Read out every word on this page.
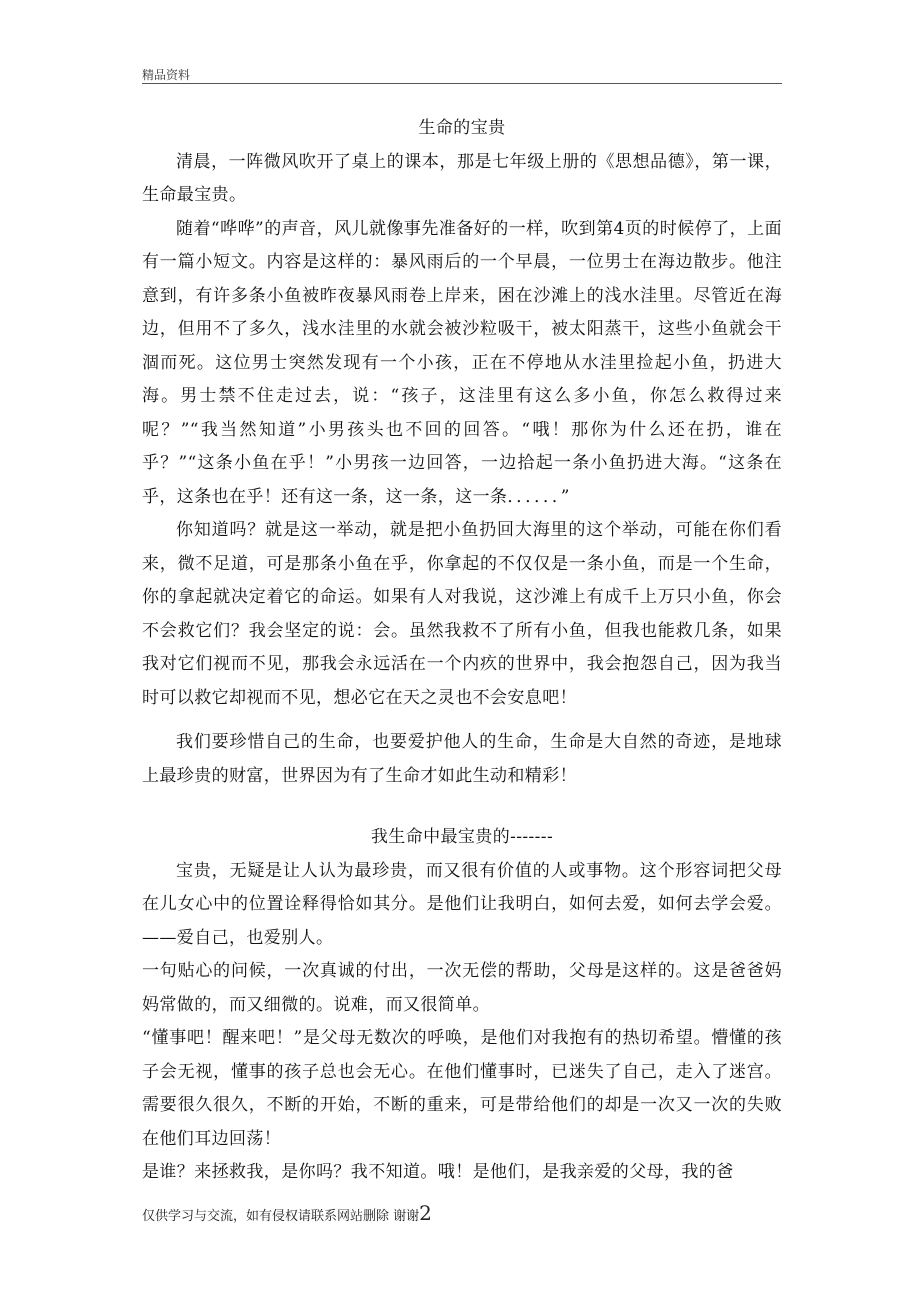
精品资料

生命的宝贵

清晨，一阵微风吹开了桌上的课本，那是七年级上册的《思想品德》，第一课，生命最宝贵。

随着“哗哗”的声音，风儿就像事先准备好的一样，吹到第4页的时候停了，上面有一篇小短文。内容是这样的：暴风雨后的一个早晨，一位男士在海边散步。他注意到，有许多条小鱼被昨夜暴风雨卷上岸来，困在沙滩上的浅水洼里。尽管近在海边，但用不了多久，浅水洼里的水就会被沙粒吸干，被太阳蒸干，这些小鱼就会干涸而死。这位男士突然发现有一个小孩，正在不停地从水洼里捡起小鱼，扔进大海。男士禁不住走过去，说：“孩子，这洼里有这么多小鱼，你怎么救得过来呢？”“我当然知道”小男孩头也不回的回答。“哦！那你为什么还在扔，谁在乎？”“这条小鱼在乎！”小男孩一边回答，一边拾起一条小鱼扔进大海。“这条在乎，这条也在乎！还有这一条，这一条，这一条．．．．．．”

你知道吗？就是这一举动，就是把小鱼扔回大海里的这个举动，可能在你们看来，微不足道，可是那条小鱼在乎，你拿起的不仅仅是一条小鱼，而是一个生命，你的拿起就决定着它的命运。如果有人对我说，这沙滩上有成千上万只小鱼，你会不会救它们？我会坚定的说：会。虽然我救不了所有小鱼，但我也能救几条，如果我对它们视而不见，那我会永远活在一个内疚的世界中，我会抱怨自己，因为我当时可以救它却视而不见，想必它在天之灵也不会安息吧！

我们要珍惜自己的生命，也要爱护他人的生命，生命是大自然的奇迹，是地球上最珍贵的财富，世界因为有了生命才如此生动和精彩！

我生命中最宝贵的-------

宝贵，无疑是让人认为最珍贵，而又很有价值的人或事物。这个形容词把父母在儿女心中的位置诠释得恰如其分。是他们让我明白，如何去爱，如何去学会爱。 ——爱自己，也爱别人。

一句贴心的问候，一次真诚的付出，一次无偿的帮助，父母是这样的。这是爸爸妈妈常做的，而又细微的。说难，而又很简单。

“懂事吧！醒来吧！”是父母无数次的呼唤，是他们对我抱有的热切希望。懵懂的孩子会无视，懂事的孩子总也会无心。在他们懂事时，已迷失了自己，走入了迷宫。需要很久很久，不断的开始，不断的重来，可是带给他们的却是一次又一次的失败在他们耳边回荡！

是谁？来拯救我，是你吗？我不知道。哦！是他们，是我亲爱的父母，我的爸

仅供学习与交流，如有侵权请联系网站删除 谢谢2
